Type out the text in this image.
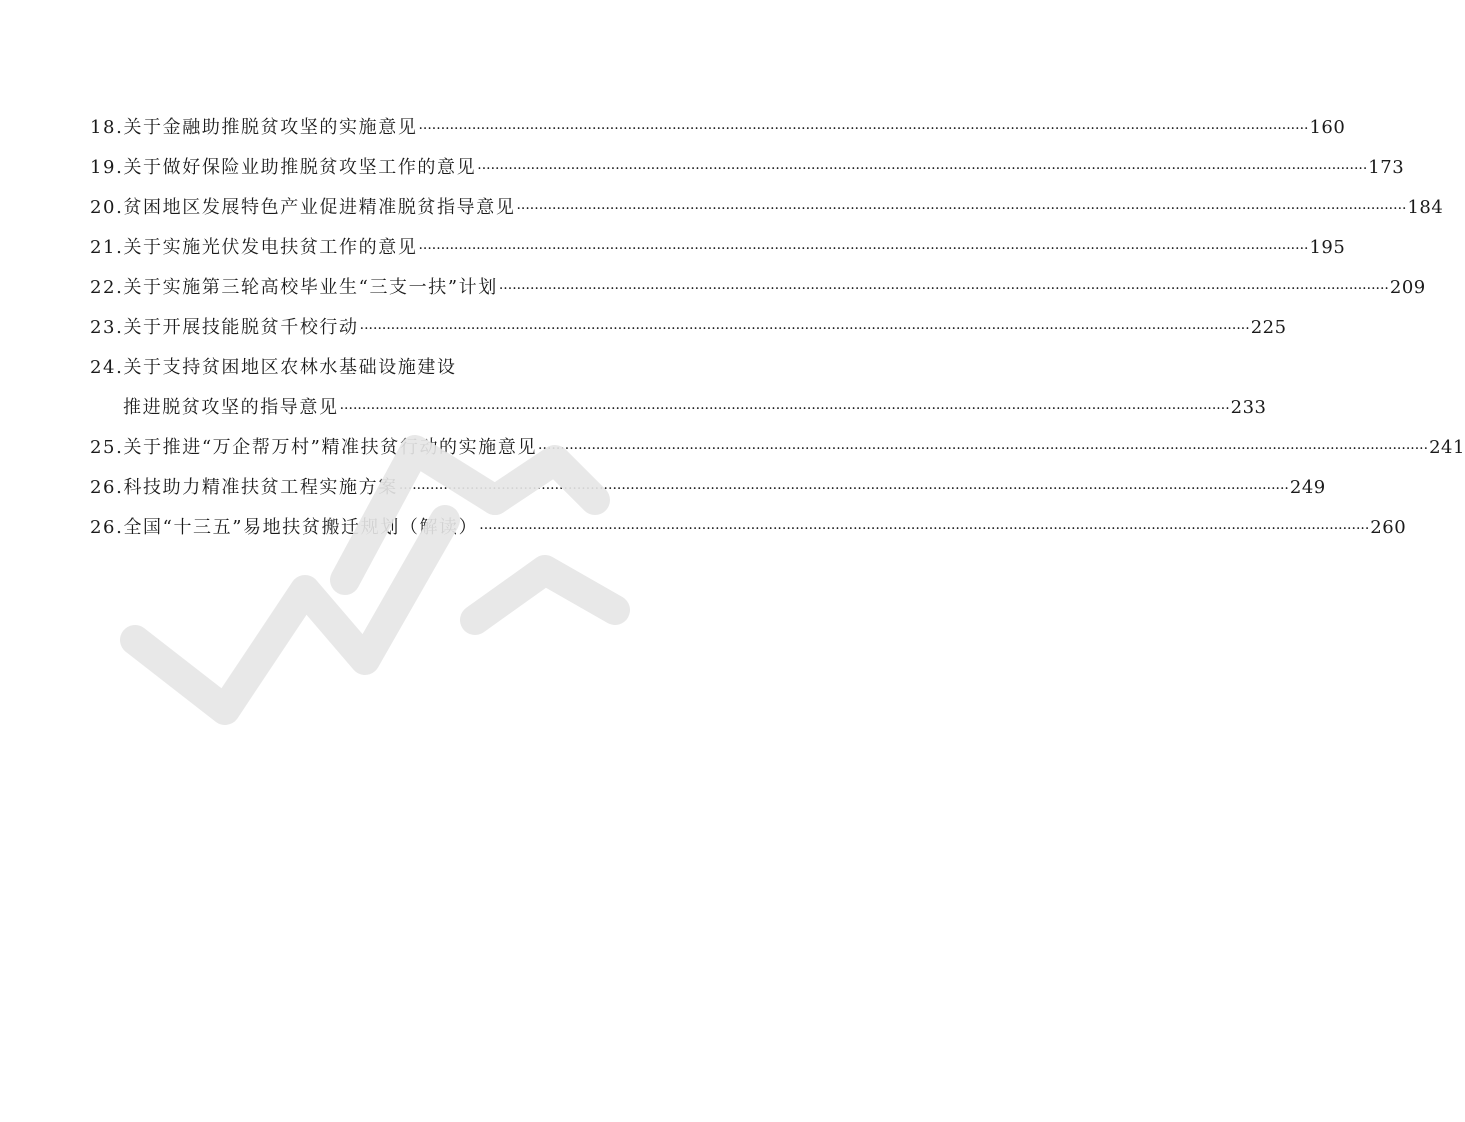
18. 关于金融助推脱贫攻坚的实施意见 ········································································································································································································ 160
19. 关于做好保险业助推脱贫攻坚工作的意见 ········································································································································································································ 173
20. 贫困地区发展特色产业促进精准脱贫指导意见 ········································································································································································································ 184
21. 关于实施光伏发电扶贫工作的意见 ········································································································································································································ 195
22. 关于实施第三轮高校毕业生“三支一扶”计划 ········································································································································································································ 209
23. 关于开展技能脱贫千校行动 ········································································································································································································ 225
24. 关于支持贫困地区农林水基础设施建设
推进脱贫攻坚的指导意见 ········································································································································································································ 233
25. 关于推进“万企帮万村”精准扶贫行动的实施意见 ········································································································································································································ 241
26. 科技助力精准扶贫工程实施方案 ········································································································································································································ 249
26. 全国“十三五”易地扶贫搬迁规划（解读） ········································································································································································································ 260
